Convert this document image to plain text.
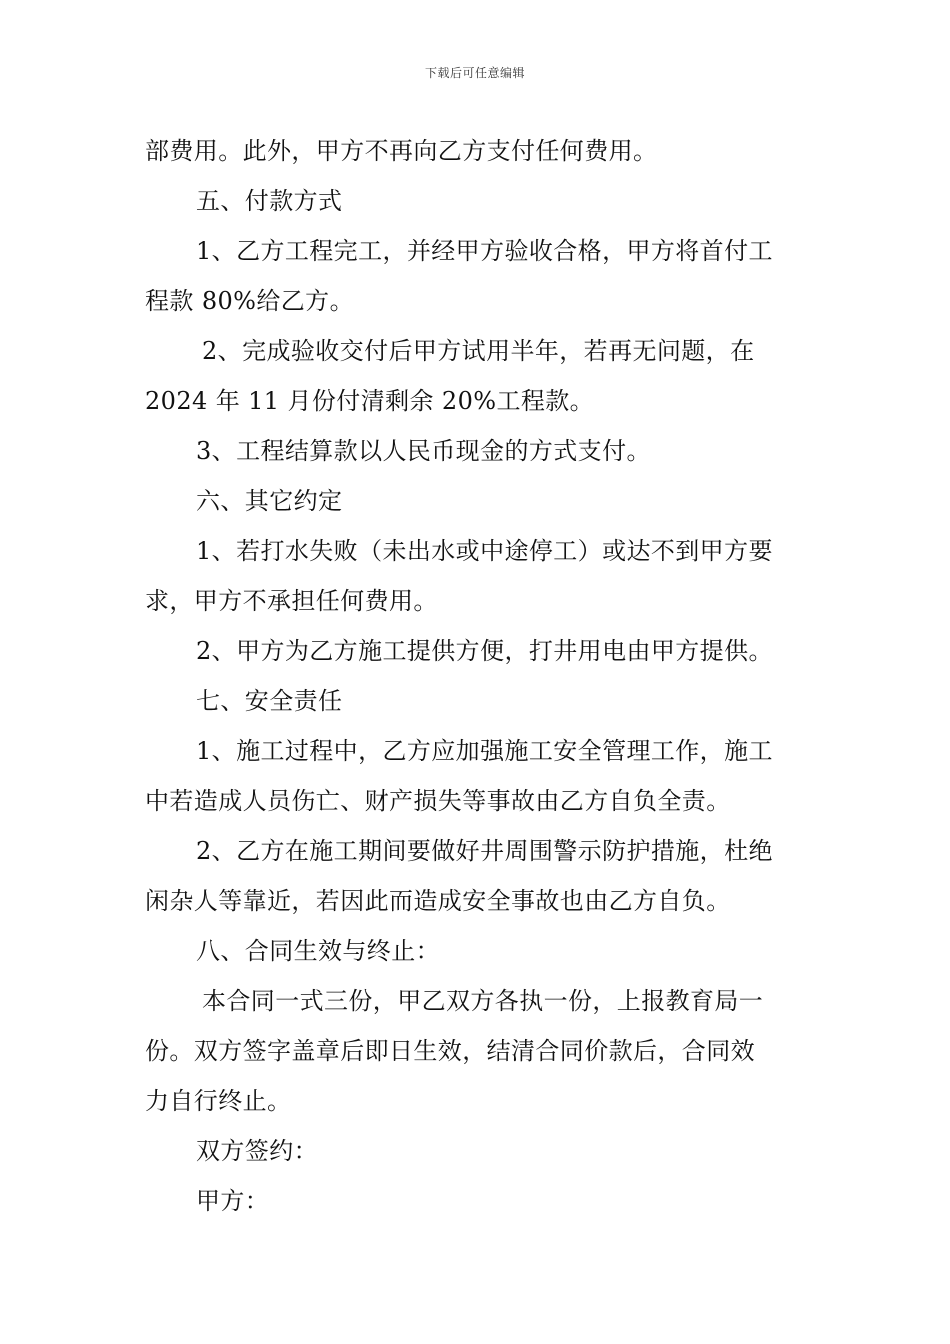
下载后可任意编辑
部费用。此外，甲方不再向乙方支付任何费用。
五、付款方式
1、乙方工程完工，并经甲方验收合格，甲方将首付工
程款 80%给乙方。
2、完成验收交付后甲方试用半年，若再无问题，在
2024 年 11 月份付清剩余 20%工程款。
3、工程结算款以人民币现金的方式支付。
六、其它约定
1、若打水失败（未出水或中途停工）或达不到甲方要
求，甲方不承担任何费用。
2、甲方为乙方施工提供方便，打井用电由甲方提供。
七、安全责任
1、施工过程中，乙方应加强施工安全管理工作，施工
中若造成人员伤亡、财产损失等事故由乙方自负全责。
2、乙方在施工期间要做好井周围警示防护措施，杜绝
闲杂人等靠近，若因此而造成安全事故也由乙方自负。
八、合同生效与终止：
本合同一式三份，甲乙双方各执一份，上报教育局一
份。双方签字盖章后即日生效，结清合同价款后，合同效
力自行终止。
双方签约：
甲方：
